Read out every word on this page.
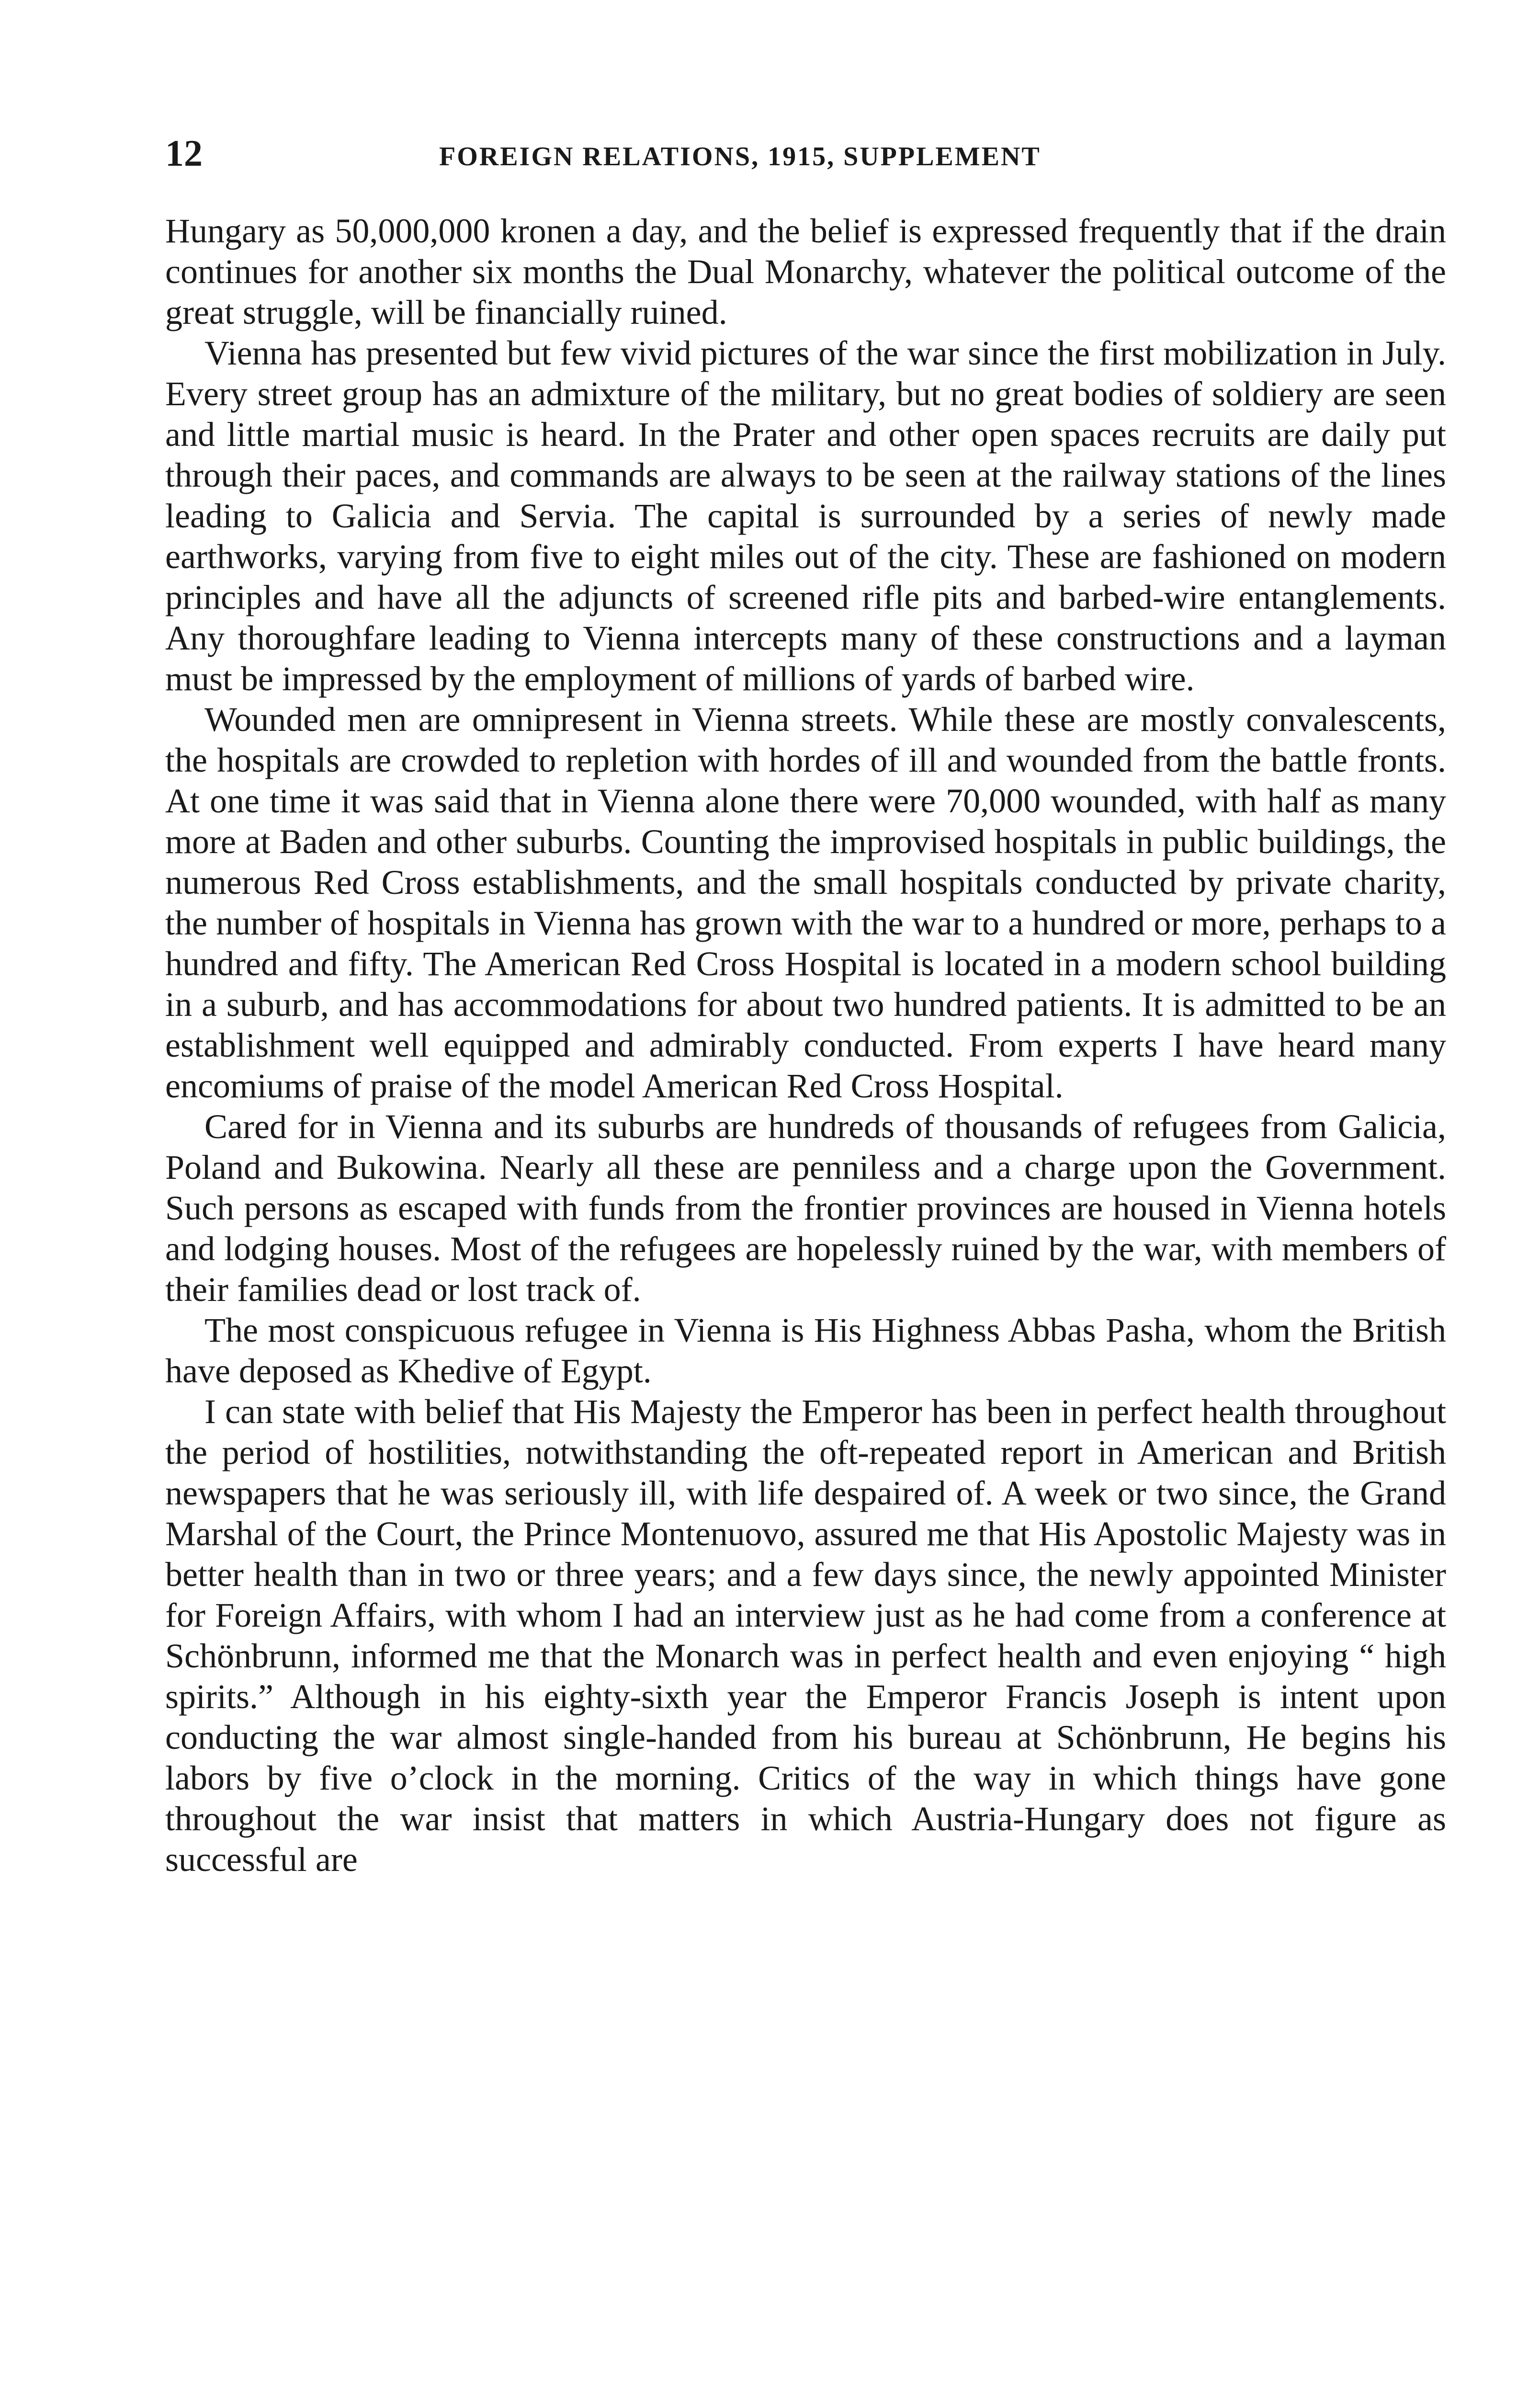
12	FOREIGN RELATIONS, 1915, SUPPLEMENT

Hungary as 50,000,000 kronen a day, and the belief is expressed frequently that if the drain continues for another six months the Dual Monarchy, whatever the political outcome of the great struggle, will be financially ruined.

Vienna has presented but few vivid pictures of the war since the first mobilization in July. Every street group has an admixture of the military, but no great bodies of soldiery are seen and little martial music is heard. In the Prater and other open spaces recruits are daily put through their paces, and commands are always to be seen at the railway stations of the lines leading to Galicia and Servia. The capital is surrounded by a series of newly made earthworks, varying from five to eight miles out of the city. These are fashioned on modern principles and have all the adjuncts of screened rifle pits and barbed-wire entanglements. Any thoroughfare leading to Vienna intercepts many of these constructions and a layman must be impressed by the employment of millions of yards of barbed wire.

Wounded men are omnipresent in Vienna streets. While these are mostly convalescents, the hospitals are crowded to repletion with hordes of ill and wounded from the battle fronts. At one time it was said that in Vienna alone there were 70,000 wounded, with half as many more at Baden and other suburbs. Counting the improvised hospitals in public buildings, the numerous Red Cross establishments, and the small hospitals conducted by private charity, the number of hospitals in Vienna has grown with the war to a hundred or more, perhaps to a hundred and fifty. The American Red Cross Hospital is located in a modern school building in a suburb, and has accommodations for about two hundred patients. It is admitted to be an establishment well equipped and admirably conducted. From experts I have heard many encomiums of praise of the model American Red Cross Hospital.

Cared for in Vienna and its suburbs are hundreds of thousands of refugees from Galicia, Poland and Bukowina. Nearly all these are penniless and a charge upon the Government. Such persons as escaped with funds from the frontier provinces are housed in Vienna hotels and lodging houses. Most of the refugees are hopelessly ruined by the war, with members of their families dead or lost track of.

The most conspicuous refugee in Vienna is His Highness Abbas Pasha, whom the British have deposed as Khedive of Egypt.

I can state with belief that His Majesty the Emperor has been in perfect health throughout the period of hostilities, notwithstanding the oft-repeated report in American and British newspapers that he was seriously ill, with life despaired of. A week or two since, the Grand Marshal of the Court, the Prince Montenuovo, assured me that His Apostolic Majesty was in better health than in two or three years; and a few days since, the newly appointed Minister for Foreign Affairs, with whom I had an interview just as he had come from a conference at Schönbrunn, informed me that the Monarch was in perfect health and even enjoying “ high spirits.” Although in his eighty-sixth year the Emperor Francis Joseph is intent upon conducting the war almost single-handed from his bureau at Schönbrunn, He begins his labors by five o’clock in the morning. Critics of the way in which things have gone throughout the war insist that matters in which Austria-Hungary does not figure as successful are
